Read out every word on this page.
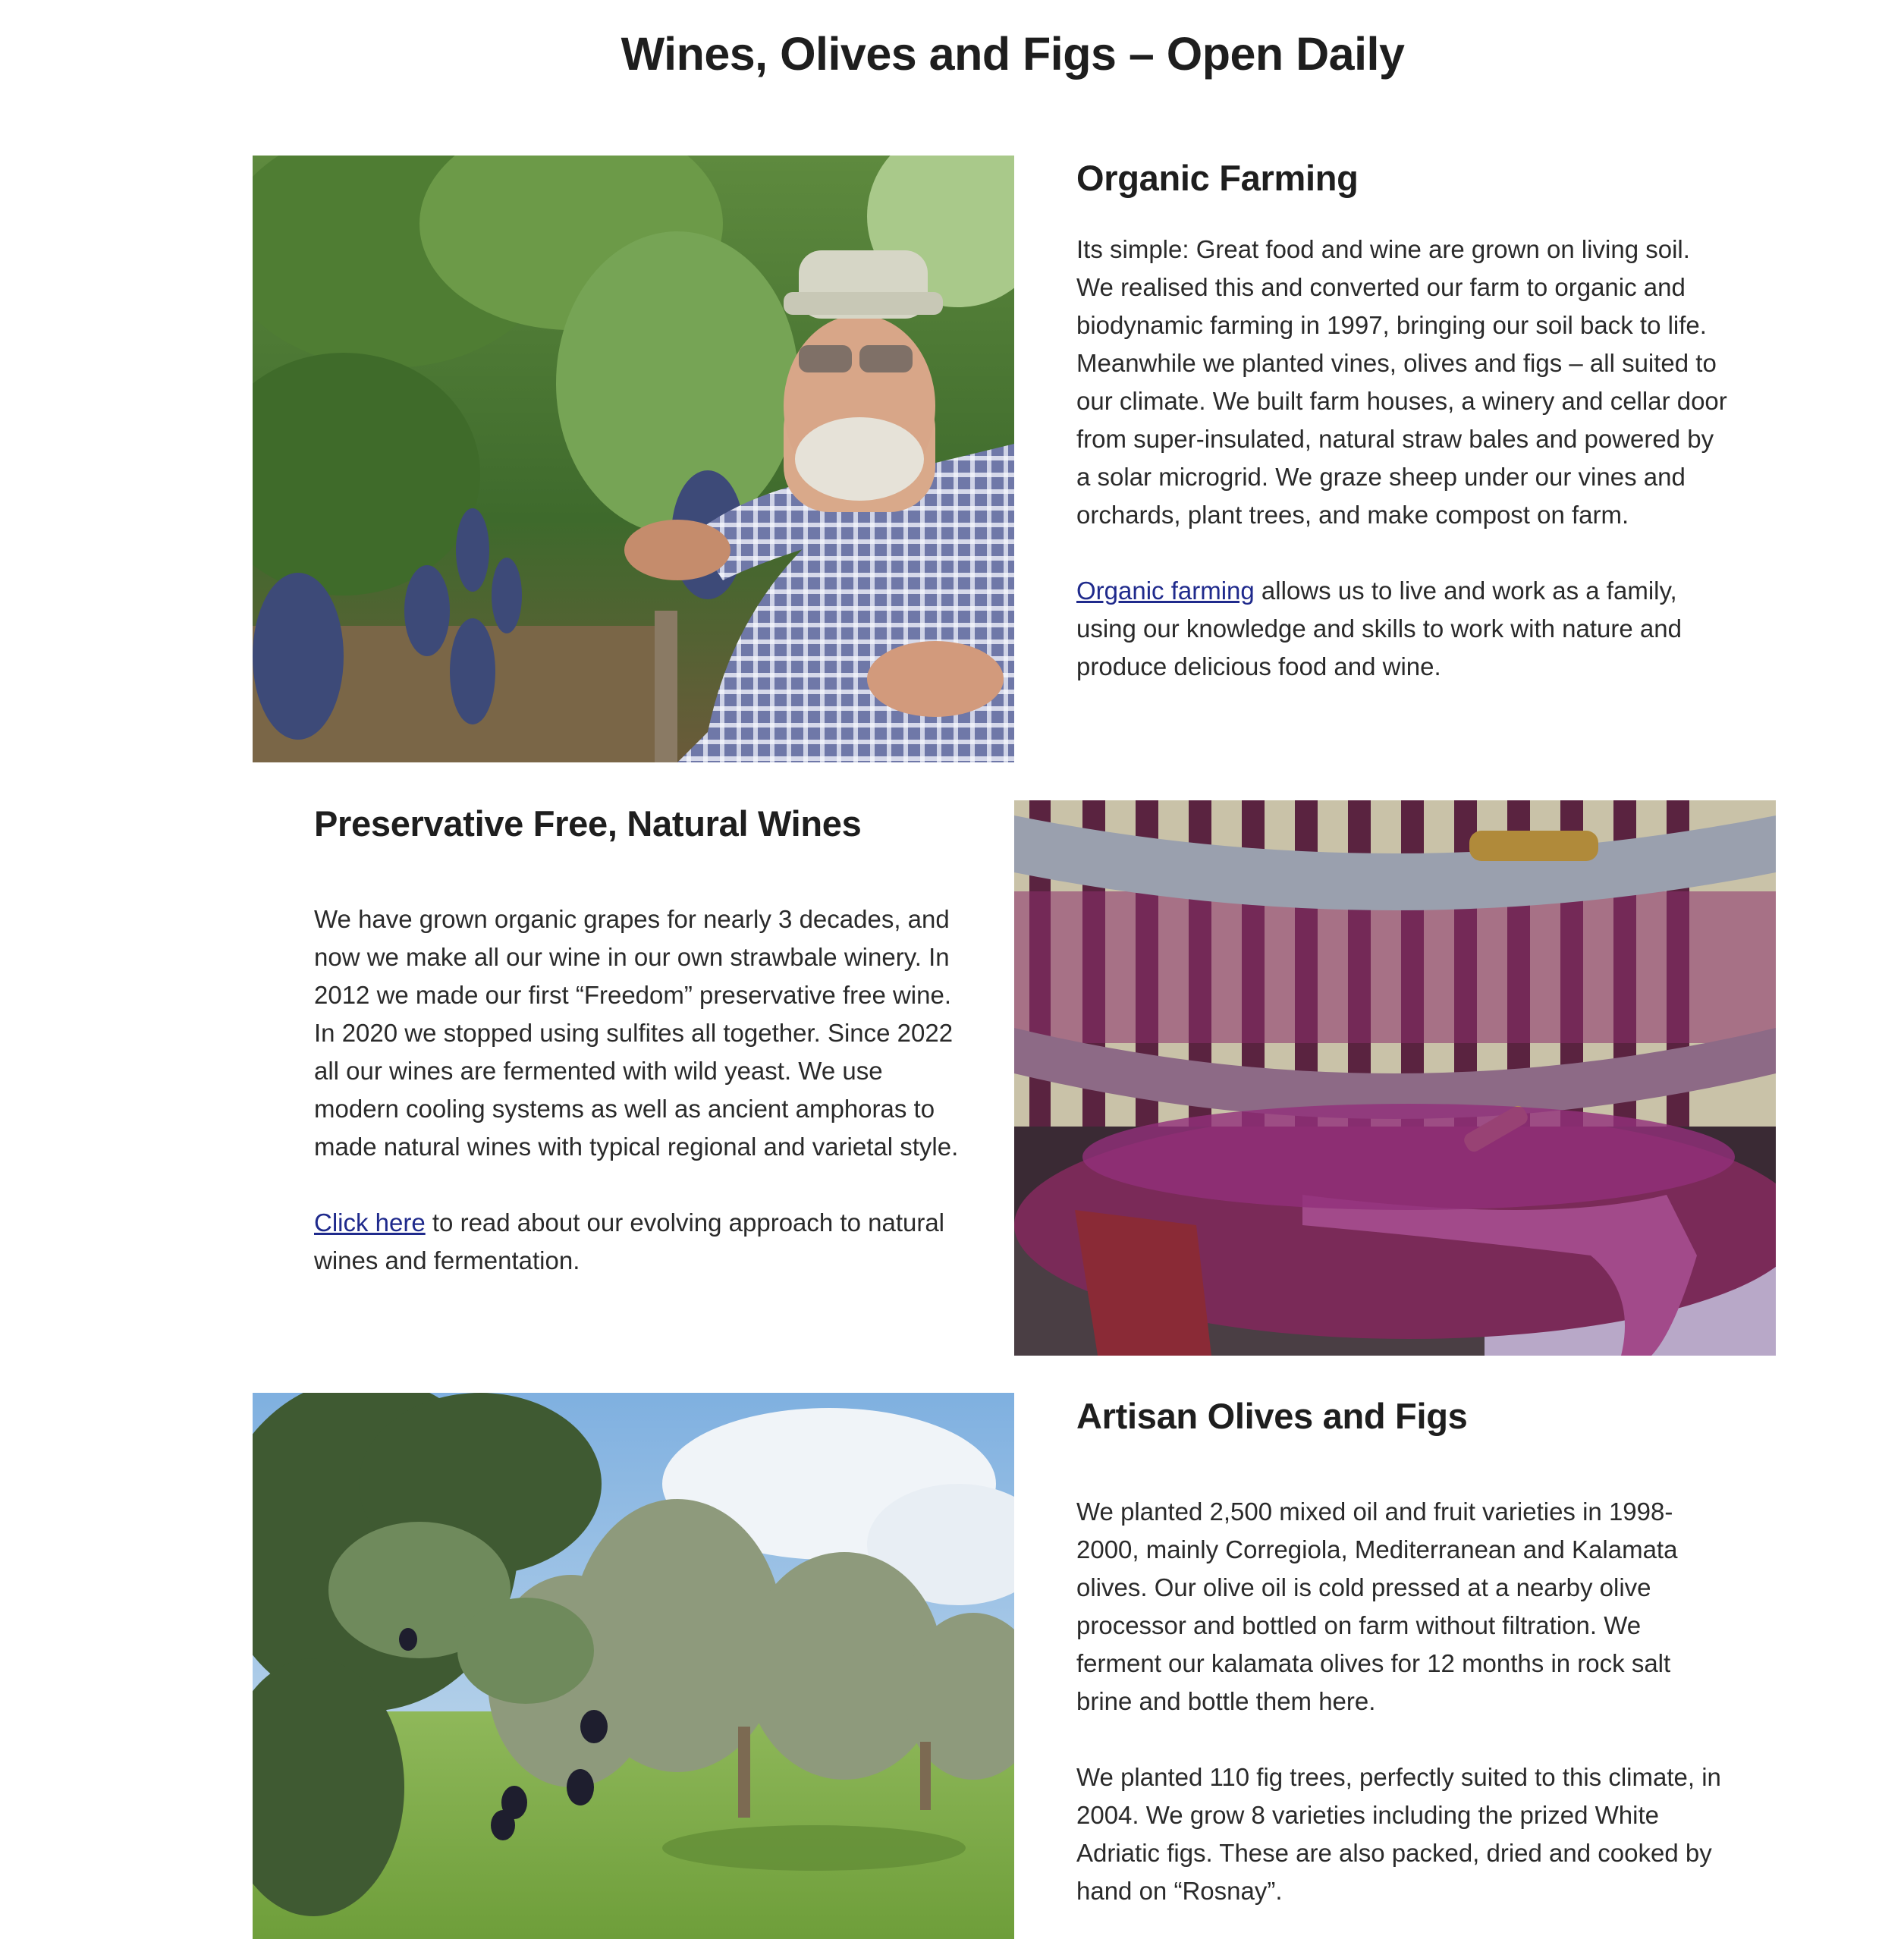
Wines, Olives and Figs – Open Daily
Organic Farming

Its simple: Great food and wine are grown on living soil. We realised this and converted our farm to organic and biodynamic farming in 1997, bringing our soil back to life. Meanwhile we planted vines, olives and figs – all suited to our climate. We built farm houses, a winery and cellar door from super-insulated, natural straw bales and powered by a solar microgrid. We graze sheep under our vines and orchards, plant trees, and make compost on farm.

Organic farming allows us to live and work as a family, using our knowledge and skills to work with nature and produce delicious food and wine.

Preservative Free, Natural Wines

We have grown organic grapes for nearly 3 decades, and now we make all our wine in our own strawbale winery. In 2012 we made our first “Freedom” preservative free wine. In 2020 we stopped using sulfites all together. Since 2022 all our wines are fermented with wild yeast. We use modern cooling systems as well as ancient amphoras to made natural wines with typical regional and varietal style.

Click here to read about our evolving approach to natural wines and fermentation.

Artisan Olives and Figs

We planted 2,500 mixed oil and fruit varieties in 1998-2000, mainly Corregiola, Mediterranean and Kalamata olives. Our olive oil is cold pressed at a nearby olive processor and bottled on farm without filtration. We ferment our kalamata olives for 12 months in rock salt brine and bottle them here.

We planted 110 fig trees, perfectly suited to this climate, in 2004. We grow 8 varieties including the prized White Adriatic figs. These are also packed, dried and cooked by hand on “Rosnay”.
